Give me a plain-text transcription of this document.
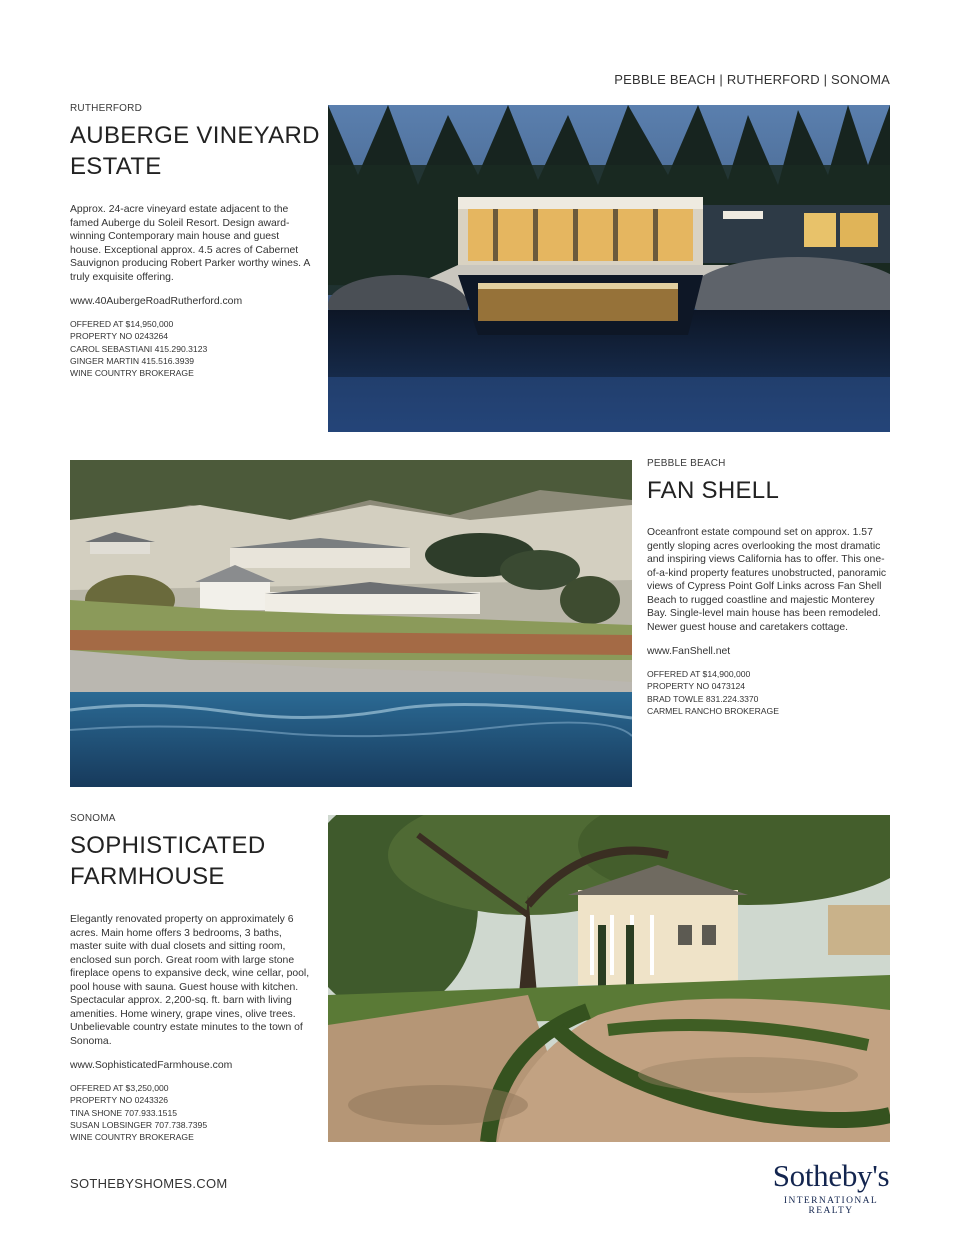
PEBBLE BEACH | RUTHERFORD | SONOMA
RUTHERFORD
AUBERGE VINEYARD
ESTATE
Approx. 24-acre vineyard estate adjacent to the famed Auberge du Soleil Resort. Design award-winning Contemporary main house and guest house. Exceptional approx. 4.5 acres of Cabernet Sauvignon producing Robert Parker worthy wines. A truly exquisite offering.
www.40AubergeRoadRutherford.com
OFFERED AT $14,950,000
PROPERTY NO 0243264
CAROL SEBASTIANI 415.290.3123
GINGER MARTIN 415.516.3939
WINE COUNTRY BROKERAGE
PEBBLE BEACH
FAN SHELL
Oceanfront estate compound set on approx. 1.57 gently sloping acres overlooking the most dramatic and inspiring views California has to offer. This one-of-a-kind property features unobstructed, panoramic views of Cypress Point Golf Links across Fan Shell Beach to rugged coastline and majestic Monterey Bay. Single-level main house has been remodeled. Newer guest house and caretakers cottage.
www.FanShell.net
OFFERED AT $14,900,000
PROPERTY NO 0473124
BRAD TOWLE 831.224.3370
CARMEL RANCHO BROKERAGE
SONOMA
SOPHISTICATED
FARMHOUSE
Elegantly renovated property on approximately 6 acres. Main home offers 3 bedrooms, 3 baths, master suite with dual closets and sitting room, enclosed sun porch. Great room with large stone fireplace opens to expansive deck, wine cellar, pool, pool house with sauna. Guest house with kitchen. Spectacular approx. 2,200-sq. ft. barn with living amenities. Home winery, grape vines, olive trees. Unbelievable country estate minutes to the town of Sonoma.
www.SophisticatedFarmhouse.com
OFFERED AT $3,250,000
PROPERTY NO 0243326
TINA SHONE 707.933.1515
SUSAN LOBSINGER 707.738.7395
WINE COUNTRY BROKERAGE
SOTHEBYSHOMES.COM	Sotheby's
INTERNATIONAL REALTY
